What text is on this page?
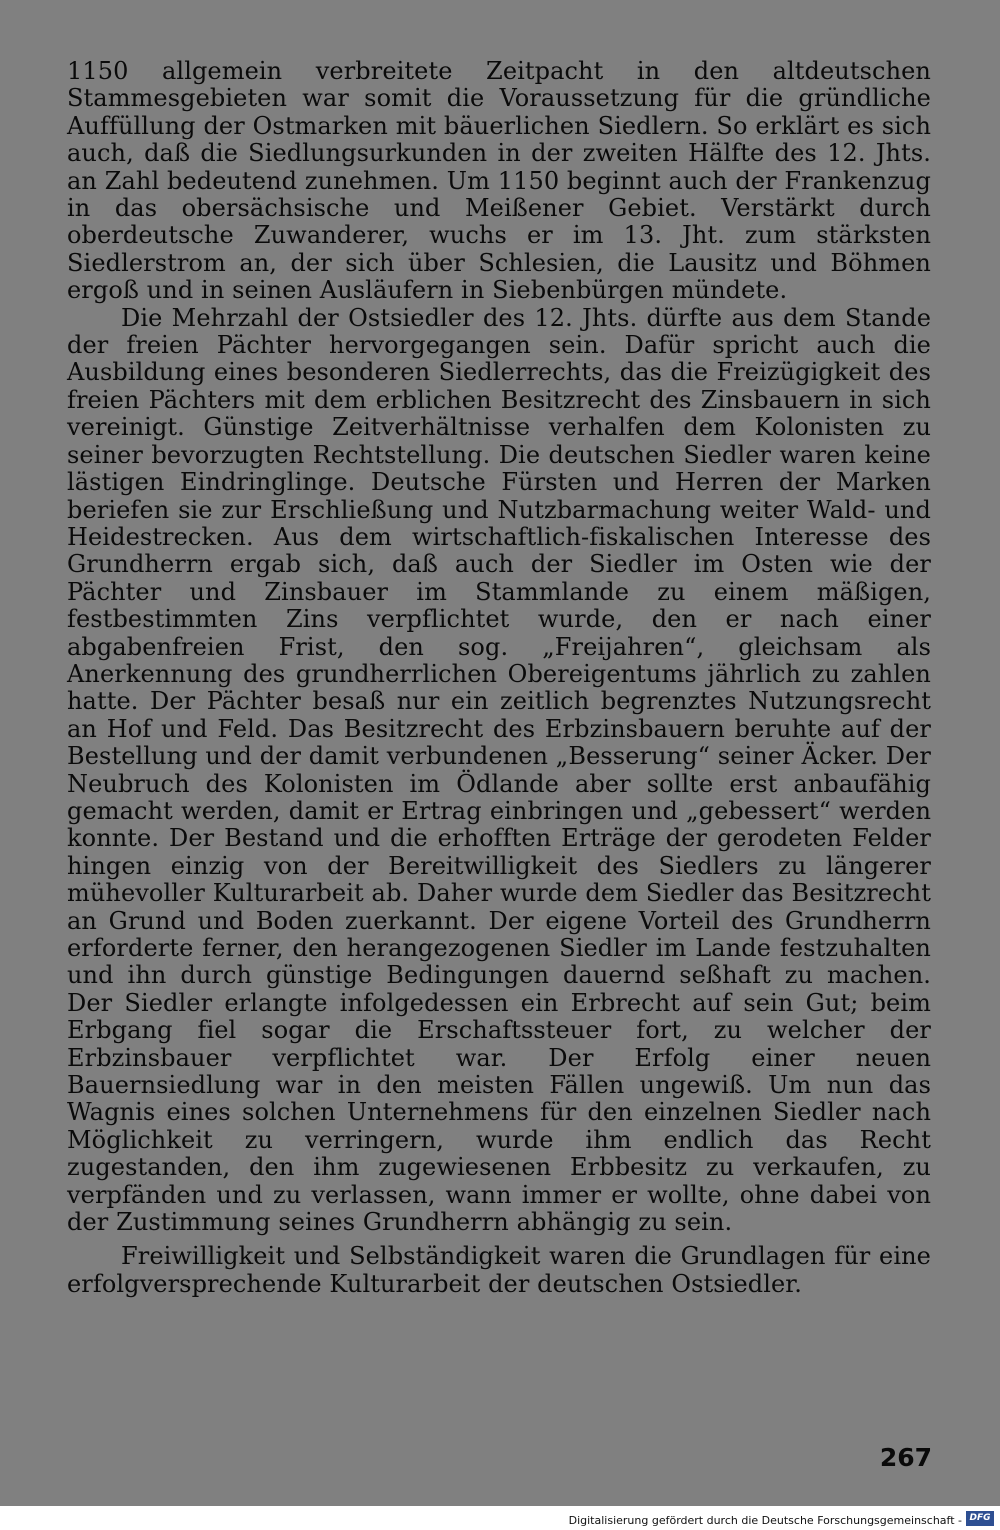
1150 allgemein verbreitete Zeitpacht in den altdeutschen Stammesgebieten war somit die Voraussetzung für die gründliche Auffüllung der Ostmarken mit bäuerlichen Siedlern. So erklärt es sich auch, daß die Siedlungsurkunden in der zweiten Hälfte des 12. Jhts. an Zahl bedeutend zunehmen. Um 1150 beginnt auch der Frankenzug in das obersächsische und Meißener Gebiet. Verstärkt durch oberdeutsche Zuwanderer, wuchs er im 13. Jht. zum stärksten Siedlerstrom an, der sich über Schlesien, die Lausitz und Böhmen ergoß und in seinen Ausläufern in Siebenbürgen mündete.

Die Mehrzahl der Ostsiedler des 12. Jhts. dürfte aus dem Stande der freien Pächter hervorgegangen sein. Dafür spricht auch die Ausbildung eines besonderen Siedlerrechts, das die Freizügigkeit des freien Pächters mit dem erblichen Besitzrecht des Zinsbauern in sich vereinigt. Günstige Zeitverhältnisse verhalfen dem Kolonisten zu seiner bevorzugten Rechtstellung. Die deutschen Siedler waren keine lästigen Eindringlinge. Deutsche Fürsten und Herren der Marken beriefen sie zur Erschließung und Nutzbarmachung weiter Wald- und Heidestrecken. Aus dem wirtschaftlich-fiskalischen Interesse des Grundherrn ergab sich, daß auch der Siedler im Osten wie der Pächter und Zinsbauer im Stammlande zu einem mäßigen, festbestimmten Zins verpflichtet wurde, den er nach einer abgabenfreien Frist, den sog. „Freijahren“, gleichsam als Anerkennung des grundherrlichen Obereigentums jährlich zu zahlen hatte. Der Pächter besaß nur ein zeitlich begrenztes Nutzungsrecht an Hof und Feld. Das Besitzrecht des Erbzinsbauern beruhte auf der Bestellung und der damit verbundenen „Besserung“ seiner Äcker. Der Neubruch des Kolonisten im Ödlande aber sollte erst anbaufähig gemacht werden, damit er Ertrag einbringen und „gebessert“ werden konnte. Der Bestand und die erhofften Erträge der gerodeten Felder hingen einzig von der Bereitwilligkeit des Siedlers zu längerer mühevoller Kulturarbeit ab. Daher wurde dem Siedler das Besitzrecht an Grund und Boden zuerkannt. Der eigene Vorteil des Grundherrn erforderte ferner, den herangezogenen Siedler im Lande festzuhalten und ihn durch günstige Bedingungen dauernd seßhaft zu machen. Der Siedler erlangte infolgedessen ein Erbrecht auf sein Gut; beim Erbgang fiel sogar die Erschaftssteuer fort, zu welcher der Erbzinsbauer verpflichtet war. Der Erfolg einer neuen Bauernsiedlung war in den meisten Fällen ungewiß. Um nun das Wagnis eines solchen Unternehmens für den einzelnen Siedler nach Möglichkeit zu verringern, wurde ihm endlich das Recht zugestanden, den ihm zugewiesenen Erbbesitz zu verkaufen, zu verpfänden und zu verlassen, wann immer er wollte, ohne dabei von der Zustimmung seines Grundherrn abhängig zu sein.

Freiwilligkeit und Selbständigkeit waren die Grundlagen für eine erfolgversprechende Kulturarbeit der deutschen Ostsiedler.

267
Digitalisierung gefördert durch die Deutsche Forschungsgemeinschaft - DFG
